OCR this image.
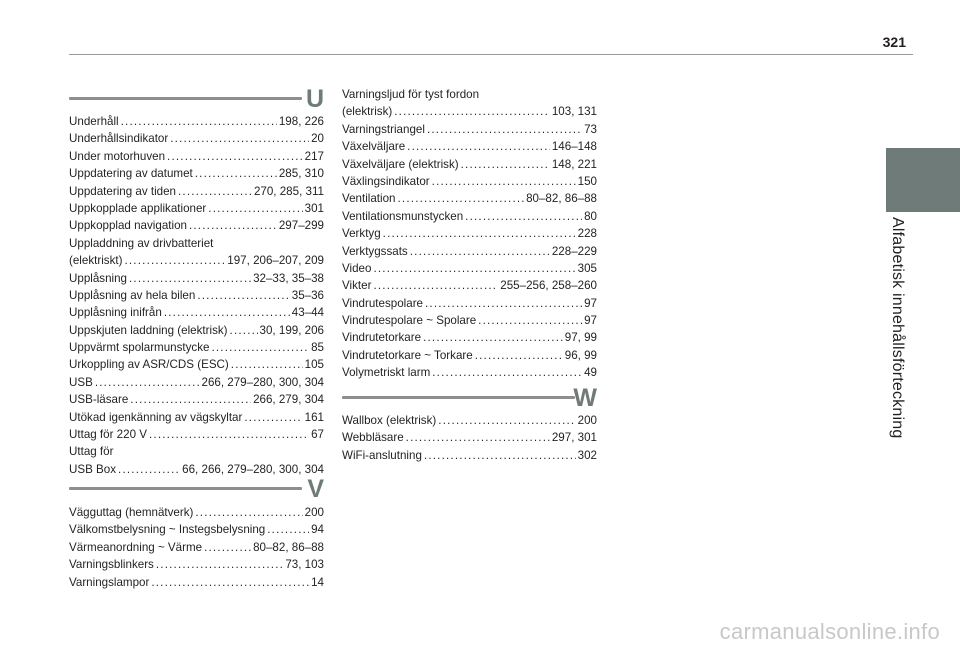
321
Alfabetisk innehållsförteckning
U
Underhåll .....	198, 226
Underhållsindikator .....	20
Under motorhuven .....	217
Uppdatering av datumet .....	285, 310
Uppdatering av tiden .....	270, 285, 311
Uppkopplade applikationer .....	301
Uppkopplad navigation .....	297–299
Uppladdning av drivbatteriet
(elektriskt) .....	197, 206–207, 209
Upplåsning .....	32–33, 35–38
Upplåsning av hela bilen .....	35–36
Upplåsning inifrån .....	43–44
Uppskjuten laddning (elektrisk) .....	30, 199, 206
Uppvärmt spolarmunstycke .....	85
Urkoppling av ASR/CDS (ESC) .....	105
USB .....	266, 279–280, 300, 304
USB-läsare .....	266, 279, 304
Utökad igenkänning av vägskyltar .....	161
Uttag för 220 V .....	67
Uttag för
USB Box .....	66, 266, 279–280, 300, 304
V
Vägguttag (hemnätverk) .....	200
Välkomstbelysning ~ Instegsbelysning .....	94
Värmeanordning ~ Värme .....	80–82, 86–88
Varningsblinkers .....	73, 103
Varningslampor .....	14
Varningsljud för tyst fordon
(elektrisk) .....	103, 131
Varningstriangel .....	73
Växelväljare .....	146–148
Växelväljare (elektrisk) .....	148, 221
Växlingsindikator .....	150
Ventilation .....	80–82, 86–88
Ventilationsmunstycken .....	80
Verktyg .....	228
Verktygssats .....	228–229
Video .....	305
Vikter .....	255–256, 258–260
Vindrutespolare .....	97
Vindrutespolare ~ Spolare .....	97
Vindrutetorkare .....	97, 99
Vindrutetorkare ~ Torkare .....	96, 99
Volymetriskt larm .....	49
W
Wallbox (elektrisk) .....	200
Webbläsare .....	297, 301
WiFi-anslutning .....	302
carmanualsonline.info
